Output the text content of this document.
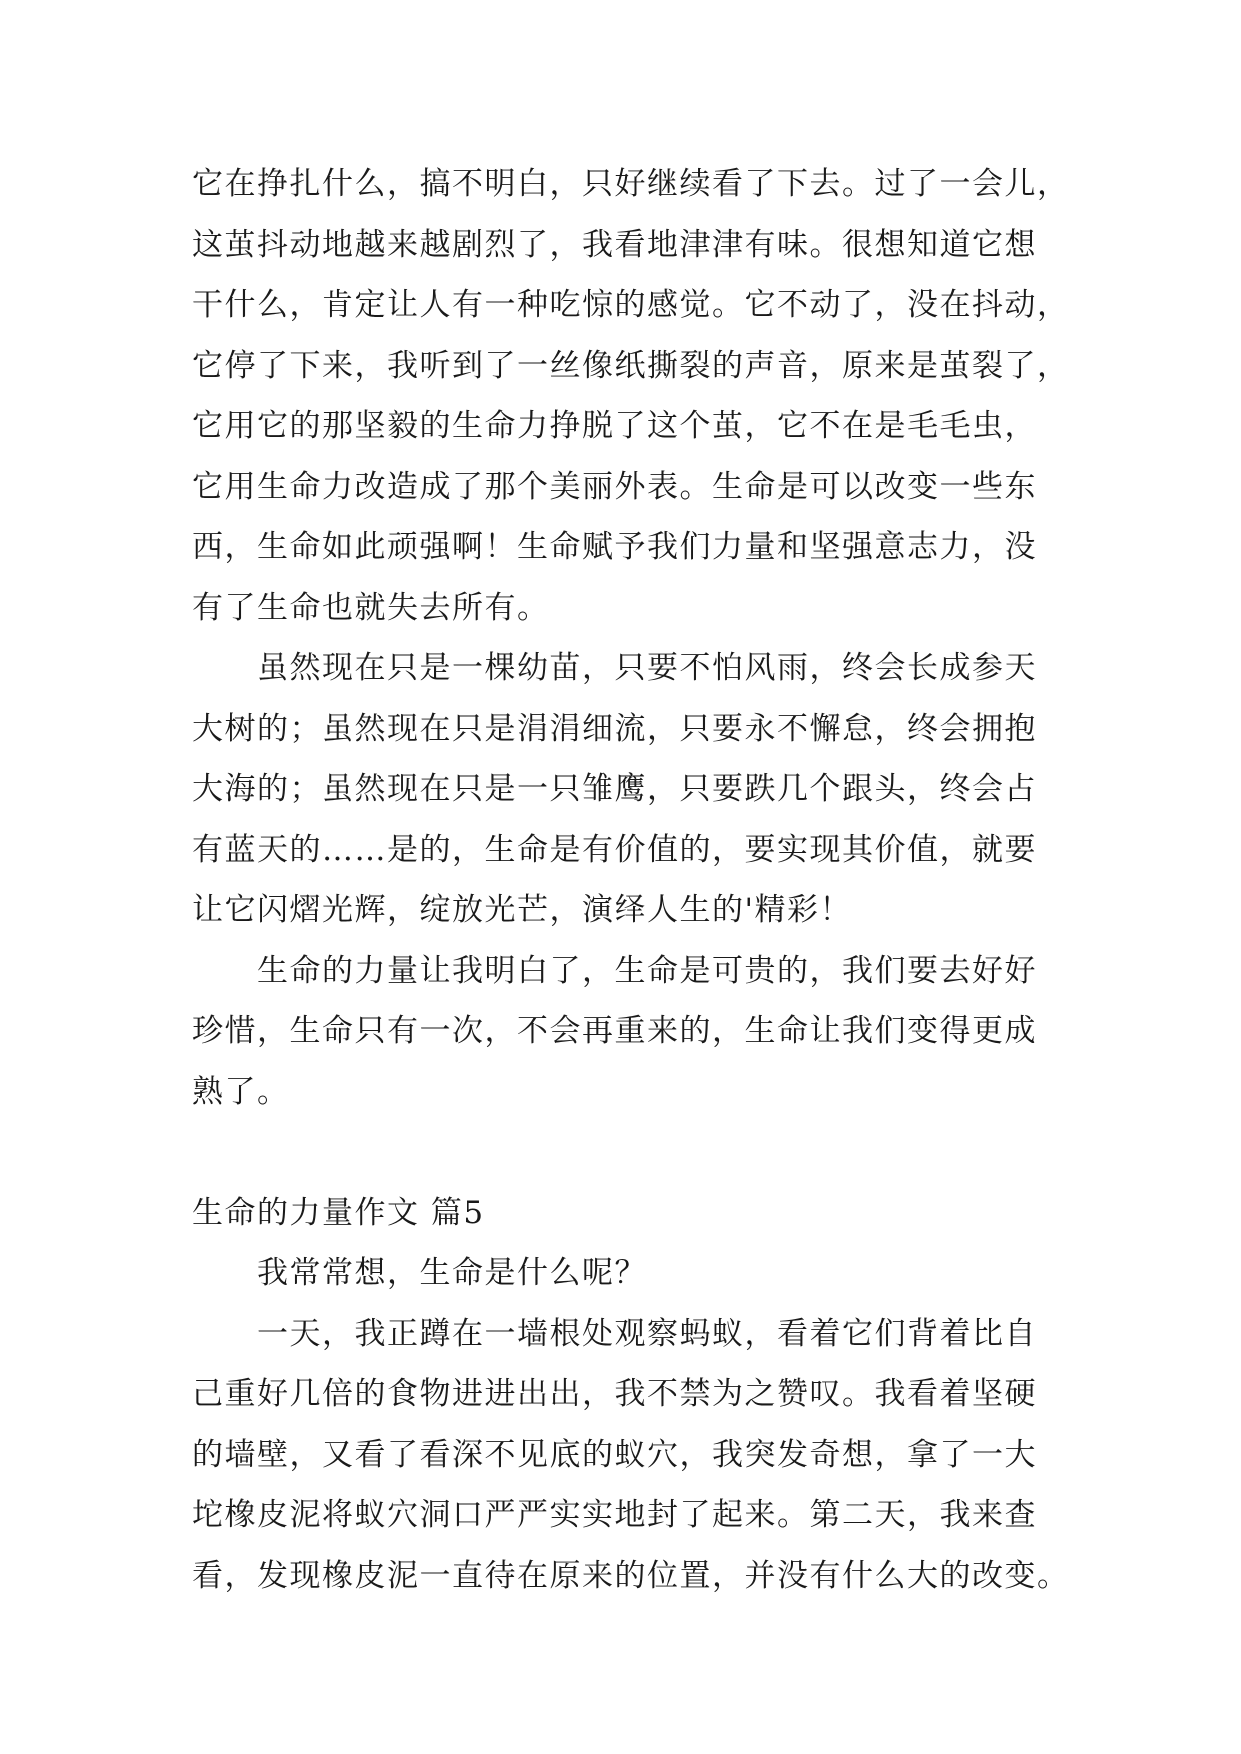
它在挣扎什么，搞不明白，只好继续看了下去。过了一会儿，
这茧抖动地越来越剧烈了，我看地津津有味。很想知道它想
干什么，肯定让人有一种吃惊的感觉。它不动了，没在抖动，
它停了下来，我听到了一丝像纸撕裂的声音，原来是茧裂了，
它用它的那坚毅的生命力挣脱了这个茧，它不在是毛毛虫，
它用生命力改造成了那个美丽外表。生命是可以改变一些东
西，生命如此顽强啊！生命赋予我们力量和坚强意志力，没
有了生命也就失去所有。
　　虽然现在只是一棵幼苗，只要不怕风雨，终会长成参天
大树的；虽然现在只是涓涓细流，只要永不懈怠，终会拥抱
大海的；虽然现在只是一只雏鹰，只要跌几个跟头，终会占
有蓝天的……是的，生命是有价值的，要实现其价值，就要
让它闪熠光辉，绽放光芒，演绎人生的'精彩！
　　生命的力量让我明白了，生命是可贵的，我们要去好好
珍惜，生命只有一次，不会再重来的，生命让我们变得更成
熟了。
生命的力量作文 篇5
　　我常常想，生命是什么呢？
　　一天，我正蹲在一墙根处观察蚂蚁，看着它们背着比自
己重好几倍的食物进进出出，我不禁为之赞叹。我看着坚硬
的墙壁，又看了看深不见底的蚁穴，我突发奇想，拿了一大
坨橡皮泥将蚁穴洞口严严实实地封了起来。第二天，我来查
看，发现橡皮泥一直待在原来的位置，并没有什么大的改变。
